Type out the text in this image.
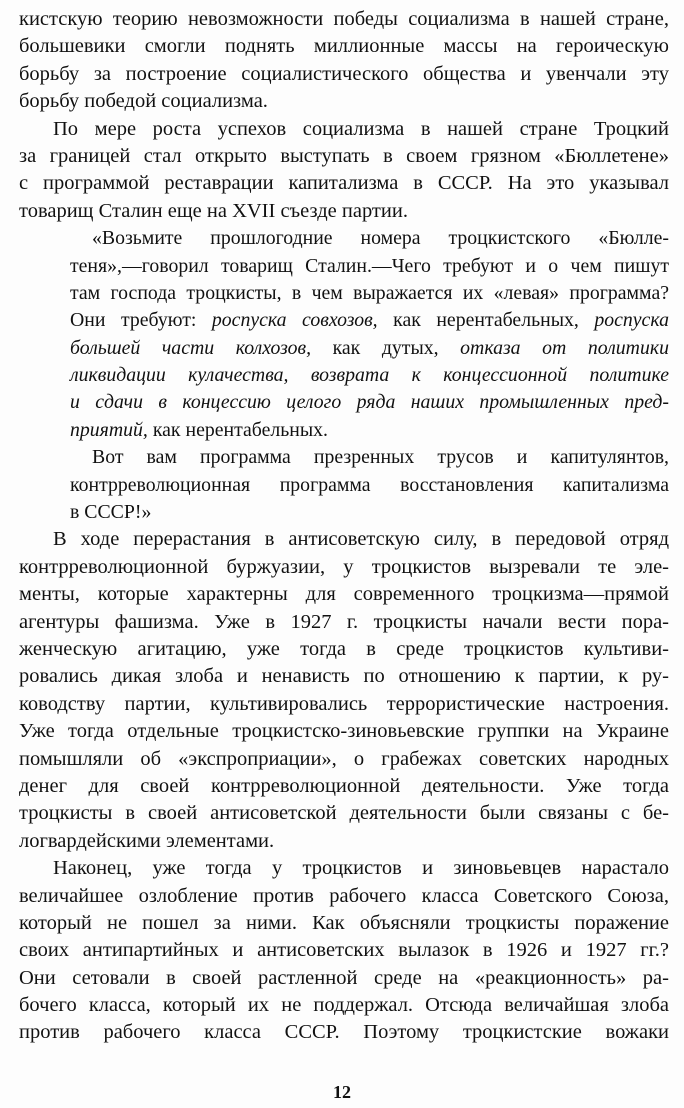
кистскую теорию невозможности победы социализма в нашей стране,
большевики смогли поднять миллионные массы на героическую
борьбу за построение социалистического общества и увенчали эту
борьбу победой социализма.
По мере роста успехов социализма в нашей стране Троцкий
за границей стал открыто выступать в своем грязном «Бюллетене»
с программой реставрации капитализма в СССР. На это указывал
товарищ Сталин еще на XVII съезде партии.
«Возьмите прошлогодние номера троцкистского «Бюлле-
теня»,—говорил товарищ Сталин.—Чего требуют и о чем пишут
там господа троцкисты, в чем выражается их «левая» программа?
Они требуют: роспуска совхозов, как нерентабельных, роспуска
большей части колхозов, как дутых, отказа от политики
ликвидации кулачества, возврата к концессионной политике
и сдачи в концессию целого ряда наших промышленных пред-
приятий, как нерентабельных.
Вот вам программа презренных трусов и капитулянтов,
контрреволюционная программа восстановления капитализма
в СССР!»
В ходе перерастания в антисоветскую силу, в передовой отряд
контрреволюционной буржуазии, у троцкистов вызревали те эле-
менты, которые характерны для современного троцкизма—прямой
агентуры фашизма. Уже в 1927 г. троцкисты начали вести пора-
женческую агитацию, уже тогда в среде троцкистов культиви-
ровались дикая злоба и ненависть по отношению к партии, к ру-
ководству партии, культивировались террористические настроения.
Уже тогда отдельные троцкистско-зиновьевские группки на Украине
помышляли об «экспроприации», о грабежах советских народных
денег для своей контрреволюционной деятельности. Уже тогда
троцкисты в своей антисоветской деятельности были связаны с бе-
логвардейскими элементами.
Наконец, уже тогда у троцкистов и зиновьевцев нарастало
величайшее озлобление против рабочего класса Советского Союза,
который не пошел за ними. Как объясняли троцкисты поражение
своих антипартийных и антисоветских вылазок в 1926 и 1927 гг.?
Они сетовали в своей растленной среде на «реакционность» ра-
бочего класса, который их не поддержал. Отсюда величайшая злоба
против рабочего класса СССР. Поэтому троцкистские вожаки
12
